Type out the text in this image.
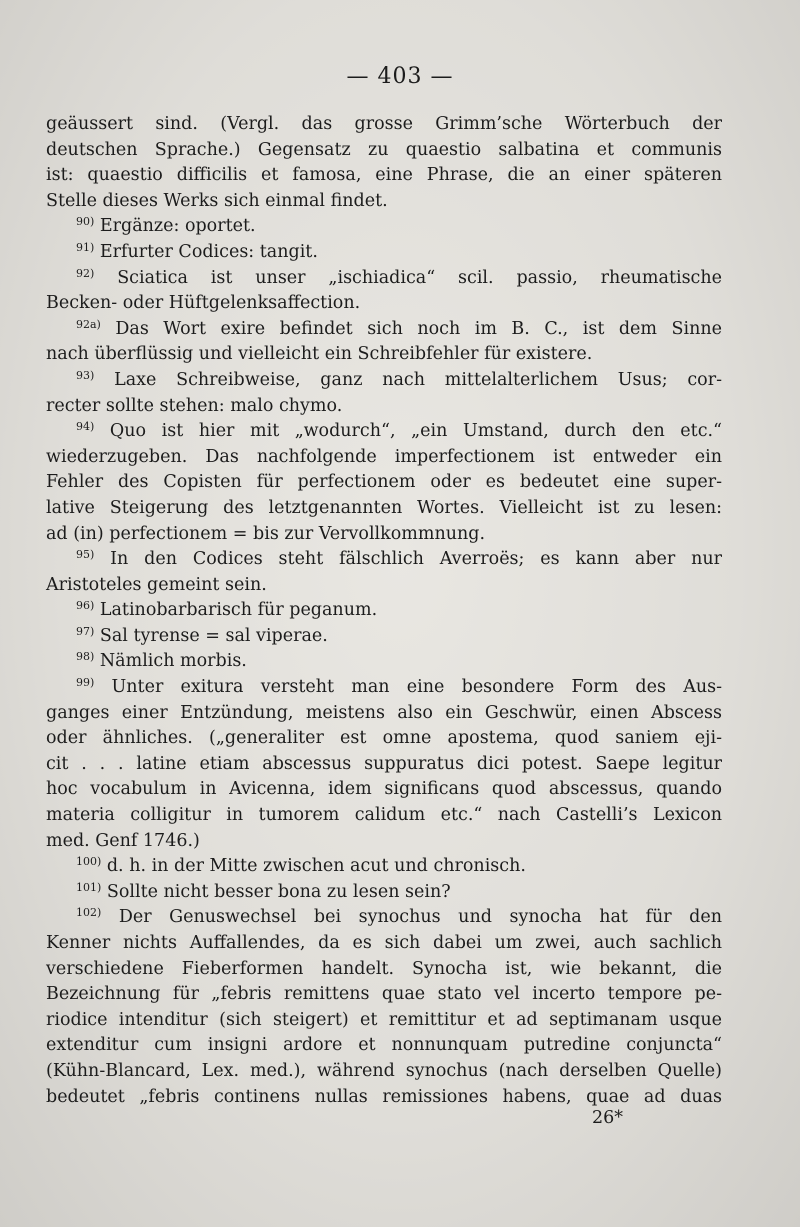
— 403 —
geäussert sind. (Vergl. das grosse Grimm’sche Wörterbuch der
deutschen Sprache.) Gegensatz zu quaestio salbatina et communis
ist: quaestio difficilis et famosa, eine Phrase, die an einer späteren
Stelle dieses Werks sich einmal findet.
$^{90)}$ Ergänze: oportet.
$^{91)}$ Erfurter Codices: tangit.
$^{92)}$ Sciatica ist unser „ischiadica“ scil. passio, rheumatische
Becken- oder Hüftgelenksaffection.
$^{92a)}$ Das Wort exire befindet sich noch im B. C., ist dem Sinne
nach überflüssig und vielleicht ein Schreibfehler für existere.
$^{93)}$ Laxe Schreibweise, ganz nach mittelalterlichem Usus; cor-
recter sollte stehen: malo chymo.
$^{94)}$ Quo ist hier mit „wodurch“, „ein Umstand, durch den etc.“
wiederzugeben. Das nachfolgende imperfectionem ist entweder ein
Fehler des Copisten für perfectionem oder es bedeutet eine super-
lative Steigerung des letztgenannten Wortes. Vielleicht ist zu lesen:
ad (in) perfectionem = bis zur Vervollkommnung.
$^{95)}$ In den Codices steht fälschlich Averroës; es kann aber nur
Aristoteles gemeint sein.
$^{96)}$ Latinobarbarisch für peganum.
$^{97)}$ Sal tyrense = sal viperae.
$^{98)}$ Nämlich morbis.
$^{99)}$ Unter exitura versteht man eine besondere Form des Aus-
ganges einer Entzündung, meistens also ein Geschwür, einen Abscess
oder ähnliches. („generaliter est omne apostema, quod saniem eji-
cit . . . latine etiam abscessus suppuratus dici potest. Saepe legitur
hoc vocabulum in Avicenna, idem significans quod abscessus, quando
materia colligitur in tumorem calidum etc.“ nach Castelli’s Lexicon
med. Genf 1746.)
$^{100)}$ d. h. in der Mitte zwischen acut und chronisch.
$^{101)}$ Sollte nicht besser bona zu lesen sein?
$^{102)}$ Der Genuswechsel bei synochus und synocha hat für den
Kenner nichts Auffallendes, da es sich dabei um zwei, auch sachlich
verschiedene Fieberformen handelt. Synocha ist, wie bekannt, die
Bezeichnung für „febris remittens quae stato vel incerto tempore pe-
riodice intenditur (sich steigert) et remittitur et ad septimanam usque
extenditur cum insigni ardore et nonnunquam putredine conjuncta“
(Kühn-Blancard, Lex. med.), während synochus (nach derselben Quelle)
bedeutet „febris continens nullas remissiones habens, quae ad duas
26*
